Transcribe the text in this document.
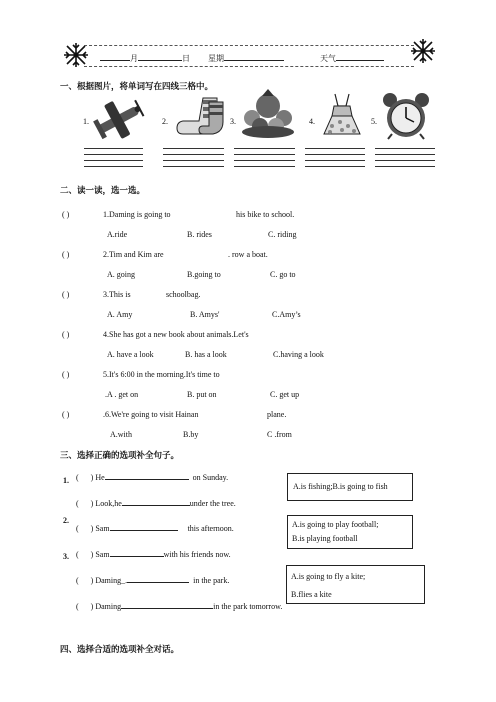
月	日 星期	天气
一、根据图片，将单词写在四线三格中。
1.	2.	3.	4.	5.
二、读一读，选一选。
( )	1.Daming is going to	his bike to school.
A.ride	B. rides	C. riding
( )	2.Tim and Kim are	. row a boat.
A. going	B.going to	C. go to
( )	3.This is	schoolbag.
A. Amy	B. Amys'	C.Amy’s
( )	4.She has got a new book about animals.Let's
A. have a look	B. has a look	C.having a look
( )	5.It's 6:00 in the morning.It's time to
.A . get on	B. put on	C. get up
( )	.6.We're going to visit Hainan	plane.
A.with	B.by	C .from
三、选择正确的选项补全句子。
1.
2.
3.
( ) He	on Sunday.
( ) Look,he	under the tree.
( ) Sam	this afternoon.
( ) Sam	with his friends now.
( ) Daming_.	in the park.
( ) Daming	in the park tomorrow.
A.is fishing;B.is going to fish
A.is going to play football;
B.is playing football
A.is going to fly a kite;
B.flies a kite
四、选择合适的选项补全对话。
